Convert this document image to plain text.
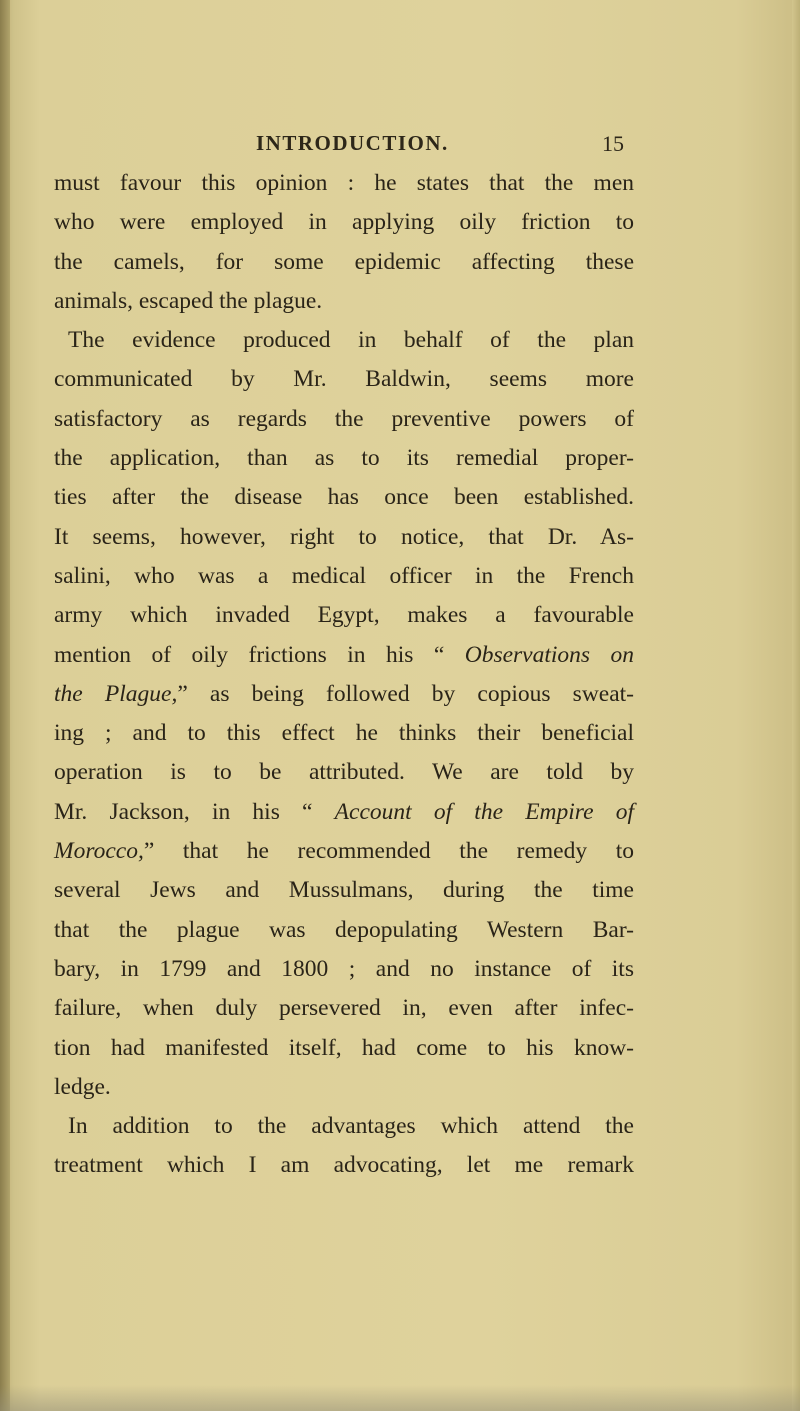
INTRODUCTION.	15
must favour this opinion : he states that the men
who were employed in applying oily friction to
the camels, for some epidemic affecting these
animals, escaped the plague.
The evidence produced in behalf of the plan
communicated by Mr. Baldwin, seems more
satisfactory as regards the preventive powers of
the application, than as to its remedial proper-
ties after the disease has once been established.
It seems, however, right to notice, that Dr. As-
salini, who was a medical officer in the French
army which invaded Egypt, makes a favourable
mention of oily frictions in his “ Observations on
the Plague,” as being followed by copious sweat-
ing ; and to this effect he thinks their beneficial
operation is to be attributed. We are told by
Mr. Jackson, in his “ Account of the Empire of
Morocco,” that he recommended the remedy to
several Jews and Mussulmans, during the time
that the plague was depopulating Western Bar-
bary, in 1799 and 1800 ; and no instance of its
failure, when duly persevered in, even after infec-
tion had manifested itself, had come to his know-
ledge.
In addition to the advantages which attend the
treatment which I am advocating, let me remark
